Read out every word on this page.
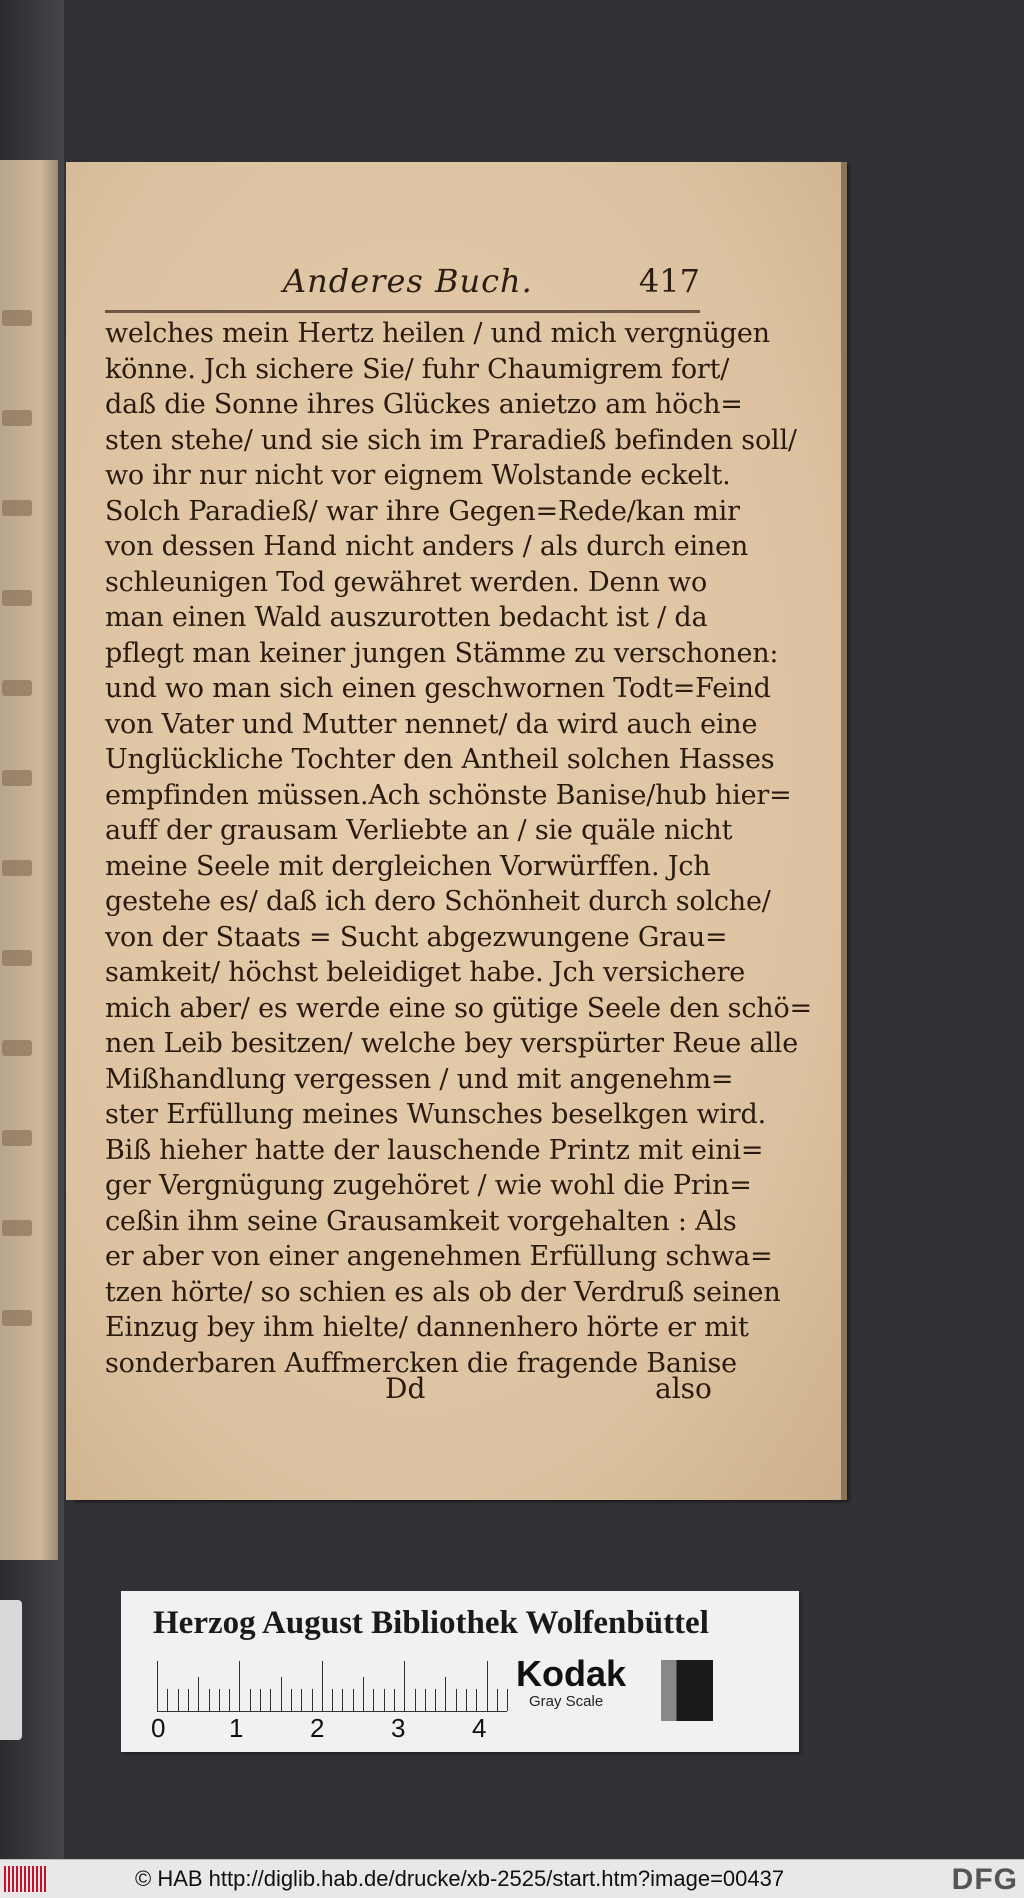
Anderes Buch.	417
welches mein Hertz heilen / und mich vergnügen
könne. Jch sichere Sie/ fuhr Chaumigrem fort/
daß die Sonne ihres Glückes anietzo am höch=
sten stehe/ und sie sich im Praradieß befinden soll/
wo ihr nur nicht vor eignem Wolstande eckelt.
Solch Paradieß/ war ihre Gegen=Rede/kan mir
von dessen Hand nicht anders / als durch einen
schleunigen Tod gewähret werden. Denn wo
man einen Wald auszurotten bedacht ist / da
pflegt man keiner jungen Stämme zu verschonen:
und wo man sich einen geschwornen Todt=Feind
von Vater und Mutter nennet/ da wird auch eine
Unglückliche Tochter den Antheil solchen Hasses
empfinden müssen.Ach schönste Banise/hub hier=
auff der grausam Verliebte an / sie quäle nicht
meine Seele mit dergleichen Vorwürffen. Jch
gestehe es/ daß ich dero Schönheit durch solche/
von der Staats = Sucht abgezwungene Grau=
samkeit/ höchst beleidiget habe. Jch versichere
mich aber/ es werde eine so gütige Seele den schö=
nen Leib besitzen/ welche bey verspürter Reue alle
Mißhandlung vergessen / und mit angenehm=
ster Erfüllung meines Wunsches beselkgen wird.
Biß hieher hatte der lauschende Printz mit eini=
ger Vergnügung zugehöret / wie wohl die Prin=
ceßin ihm seine Grausamkeit vorgehalten : Als
er aber von einer angenehmen Erfüllung schwa=
tzen hörte/ so schien es als ob der Verdruß seinen
Einzug bey ihm hielte/ dannenhero hörte er mit
sonderbaren Auffmercken die fragende Banise
Dd	also
Herzog August Bibliothek Wolfenbüttel
0 1	2	3	4
Kodak
Gray Scale
© HAB http://diglib.hab.de/drucke/xb-2525/start.htm?image=00437	DFG
